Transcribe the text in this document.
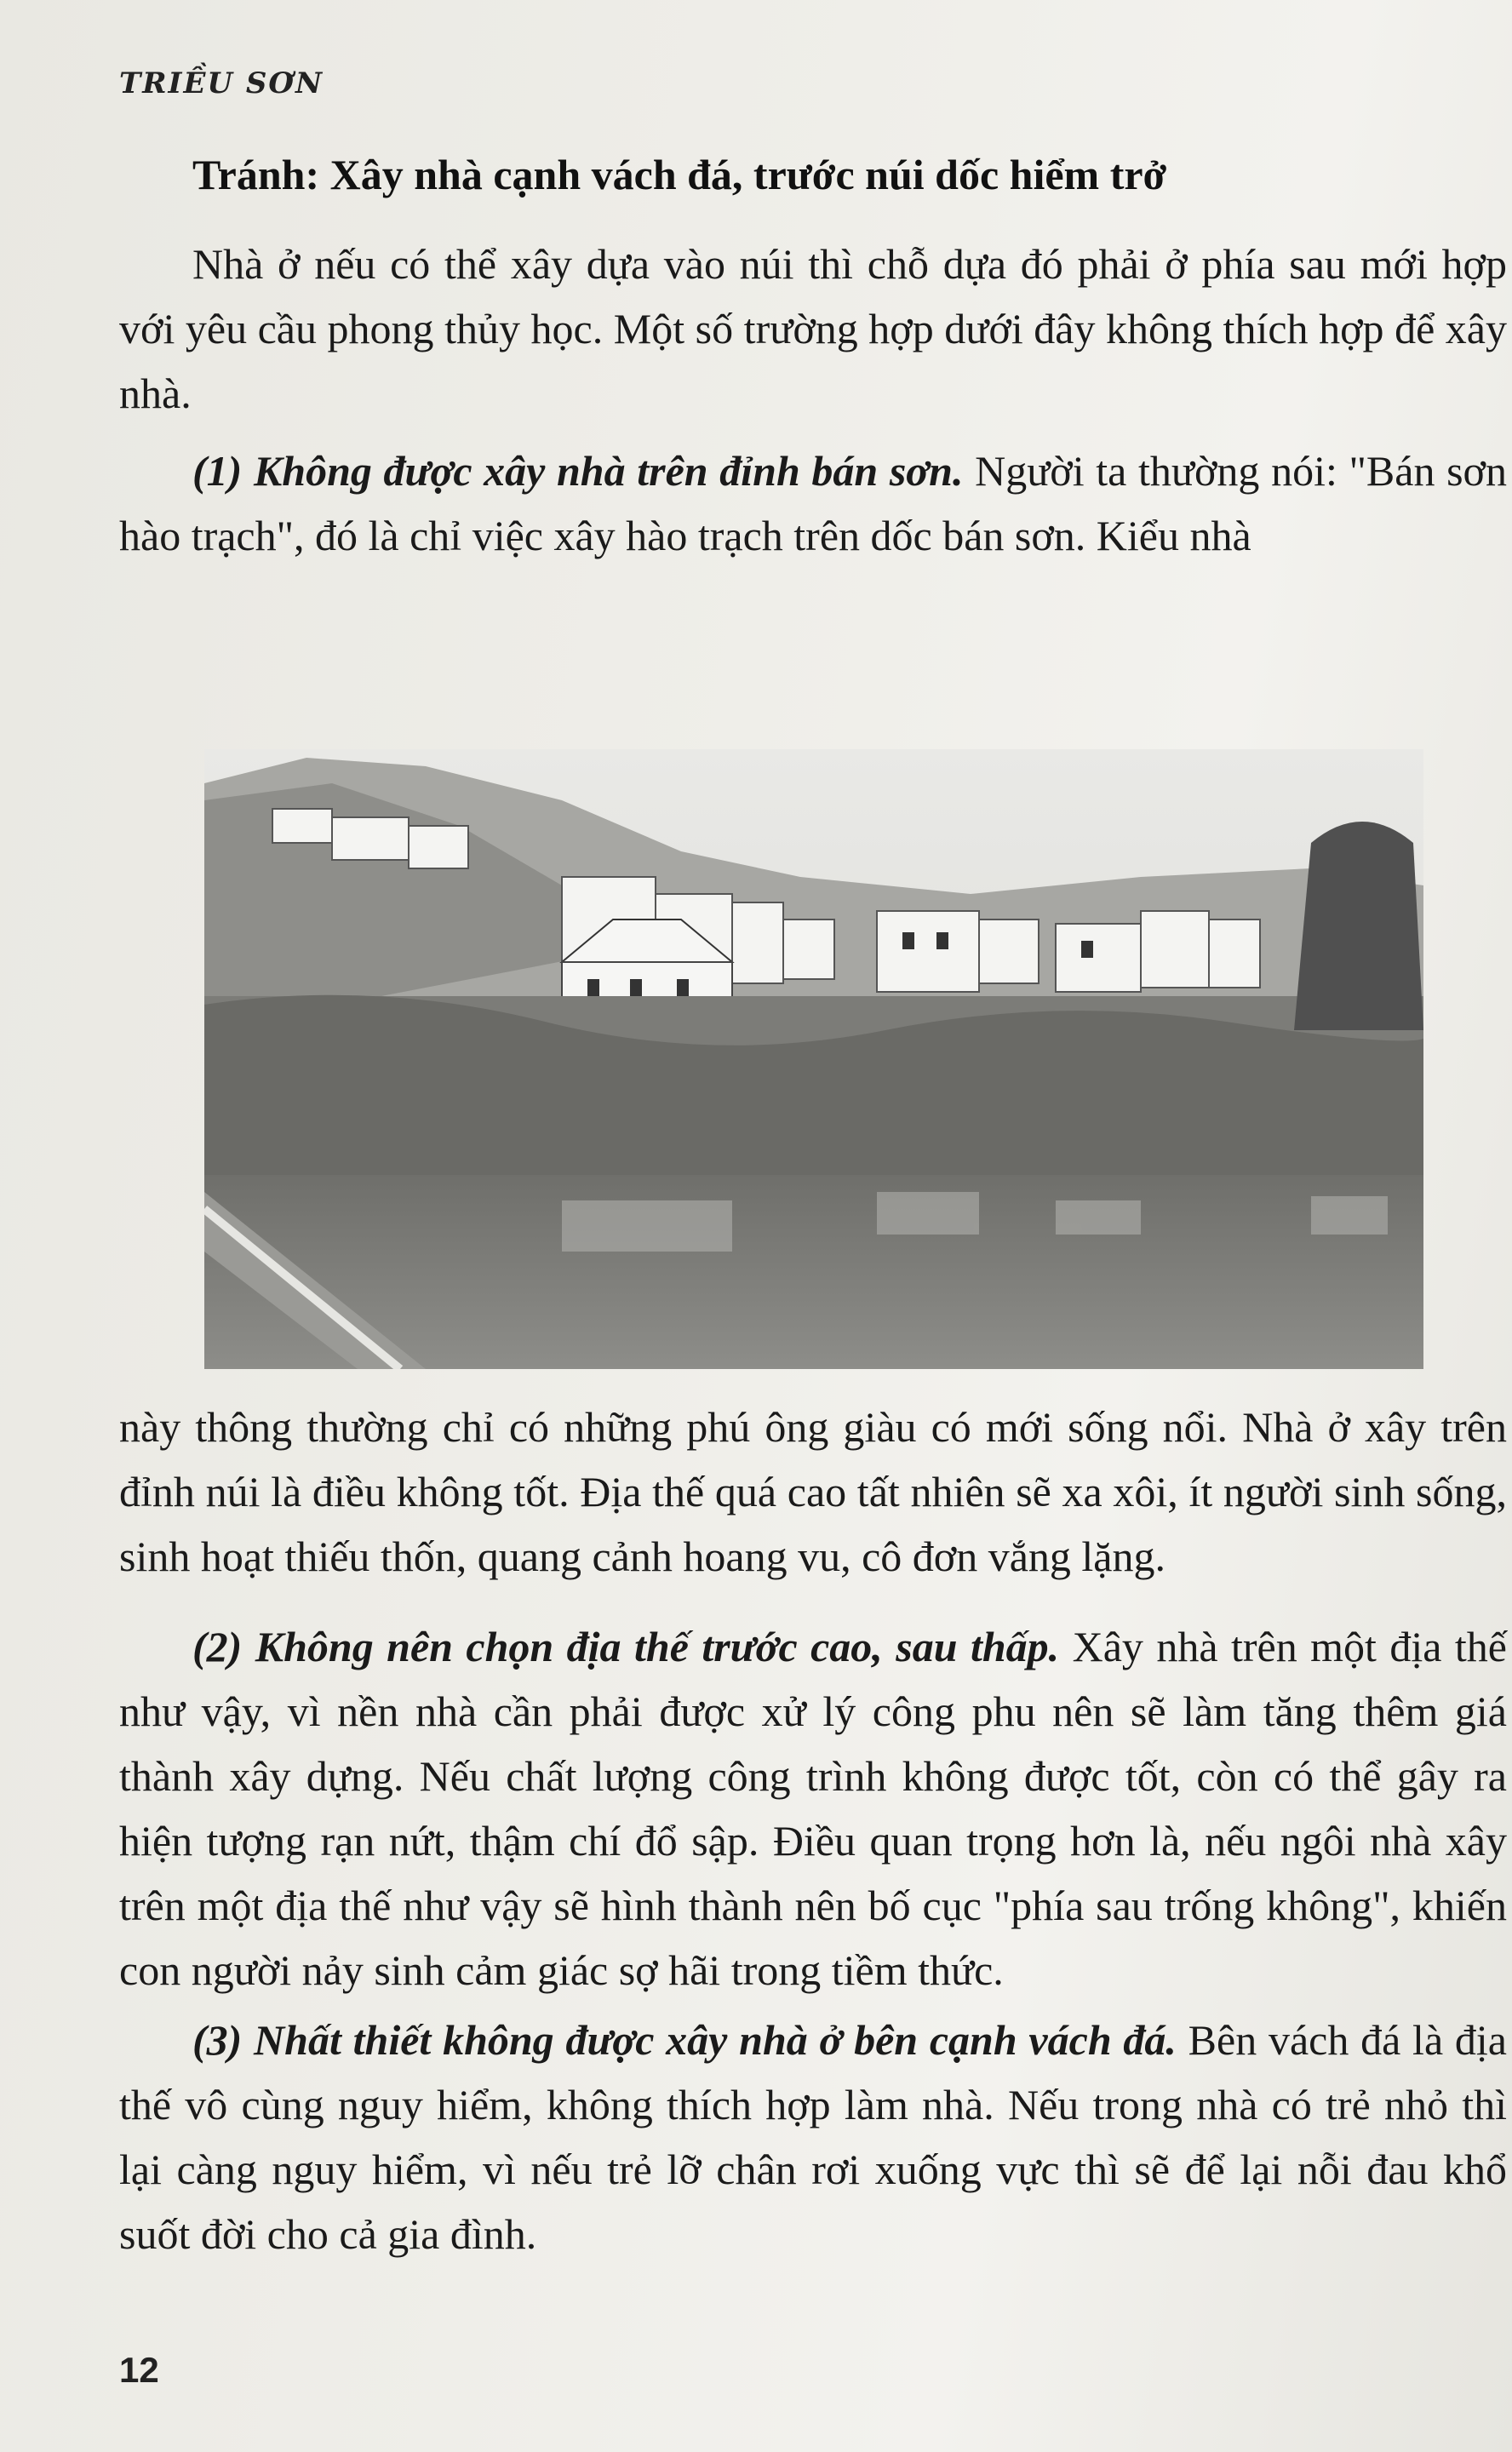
TRIỀU SƠN
Tránh: Xây nhà cạnh vách đá, trước núi dốc hiểm trở

Nhà ở nếu có thể xây dựa vào núi thì chỗ dựa đó phải ở phía sau mới hợp với yêu cầu phong thủy học. Một số trường hợp dưới đây không thích hợp để xây nhà.

(1) Không được xây nhà trên đỉnh bán sơn. Người ta thường nói: "Bán sơn hào trạch", đó là chỉ việc xây hào trạch trên dốc bán sơn. Kiểu nhà

này thông thường chỉ có những phú ông giàu có mới sống nổi. Nhà ở xây trên đỉnh núi là điều không tốt. Địa thế quá cao tất nhiên sẽ xa xôi, ít người sinh sống, sinh hoạt thiếu thốn, quang cảnh hoang vu, cô đơn vắng lặng.

(2) Không nên chọn địa thế trước cao, sau thấp. Xây nhà trên một địa thế như vậy, vì nền nhà cần phải được xử lý công phu nên sẽ làm tăng thêm giá thành xây dựng. Nếu chất lượng công trình không được tốt, còn có thể gây ra hiện tượng rạn nứt, thậm chí đổ sập. Điều quan trọng hơn là, nếu ngôi nhà xây trên một địa thế như vậy sẽ hình thành nên bố cục "phía sau trống không", khiến con người nảy sinh cảm giác sợ hãi trong tiềm thức.

(3) Nhất thiết không được xây nhà ở bên cạnh vách đá. Bên vách đá là địa thế vô cùng nguy hiểm, không thích hợp làm nhà. Nếu trong nhà có trẻ nhỏ thì lại càng nguy hiểm, vì nếu trẻ lỡ chân rơi xuống vực thì sẽ để lại nỗi đau khổ suốt đời cho cả gia đình.

12
